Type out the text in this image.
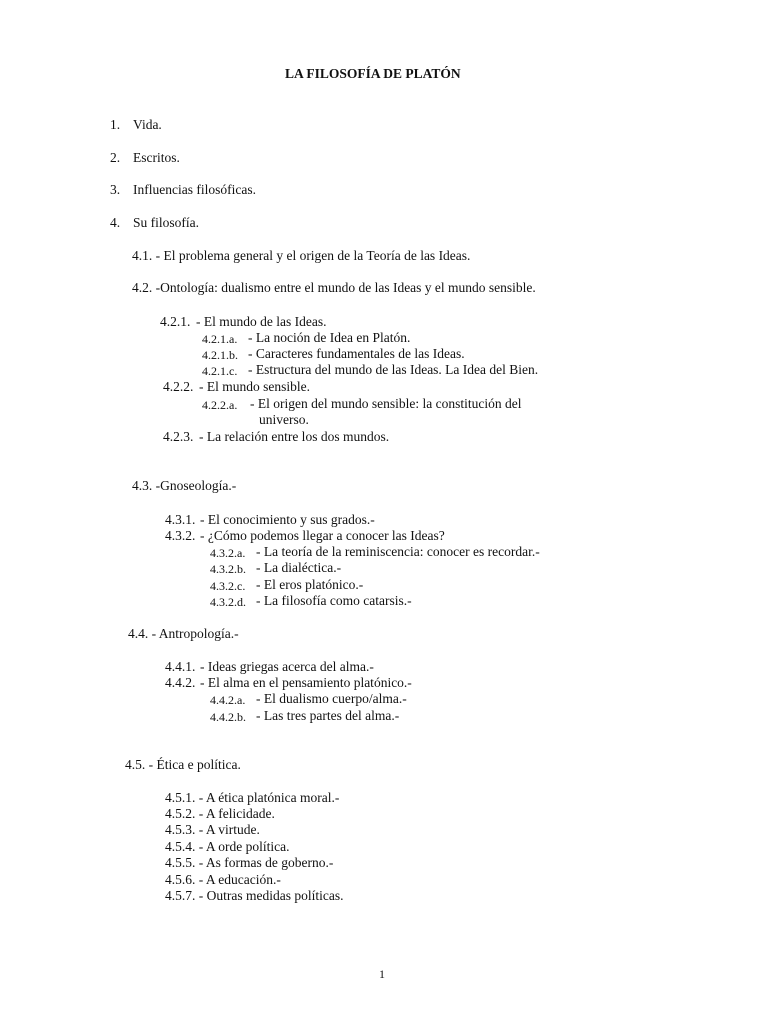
LA FILOSOFÍA DE PLATÓN
1. Vida.
2. Escritos.
3. Influencias filosóficas.
4. Su filosofía.
4.1. - El problema general y el origen de la Teoría de las Ideas.
4.2. -Ontología: dualismo entre el mundo de las Ideas y el mundo sensible.
4.2.1. - El mundo de las Ideas.
4.2.1.a. - La noción de Idea en Platón.
4.2.1.b. - Caracteres fundamentales de las Ideas.
4.2.1.c. - Estructura del mundo de las Ideas. La Idea del Bien.
4.2.2. - El mundo sensible.
4.2.2.a. - El origen del mundo sensible: la constitución del
universo.
4.2.3. - La relación entre los dos mundos.
4.3. -Gnoseología.-
4.3.1. - El conocimiento y sus grados.-
4.3.2. - ¿Cómo podemos llegar a conocer las Ideas?
4.3.2.a. - La teoría de la reminiscencia: conocer es recordar.-
4.3.2.b. - La dialéctica.-
4.3.2.c. - El eros platónico.-
4.3.2.d. - La filosofía como catarsis.-
4.4. - Antropología.-
4.4.1. - Ideas griegas acerca del alma.-
4.4.2. - El alma en el pensamiento platónico.-
4.4.2.a. - El dualismo cuerpo/alma.-
4.4.2.b. - Las tres partes del alma.-
4.5. - Ética e política.
4.5.1. - A ética platónica moral.-
4.5.2. - A felicidade.
4.5.3. - A virtude.
4.5.4. - A orde política.
4.5.5. - As formas de goberno.-
4.5.6. - A educación.-
4.5.7. - Outras medidas políticas.
1
